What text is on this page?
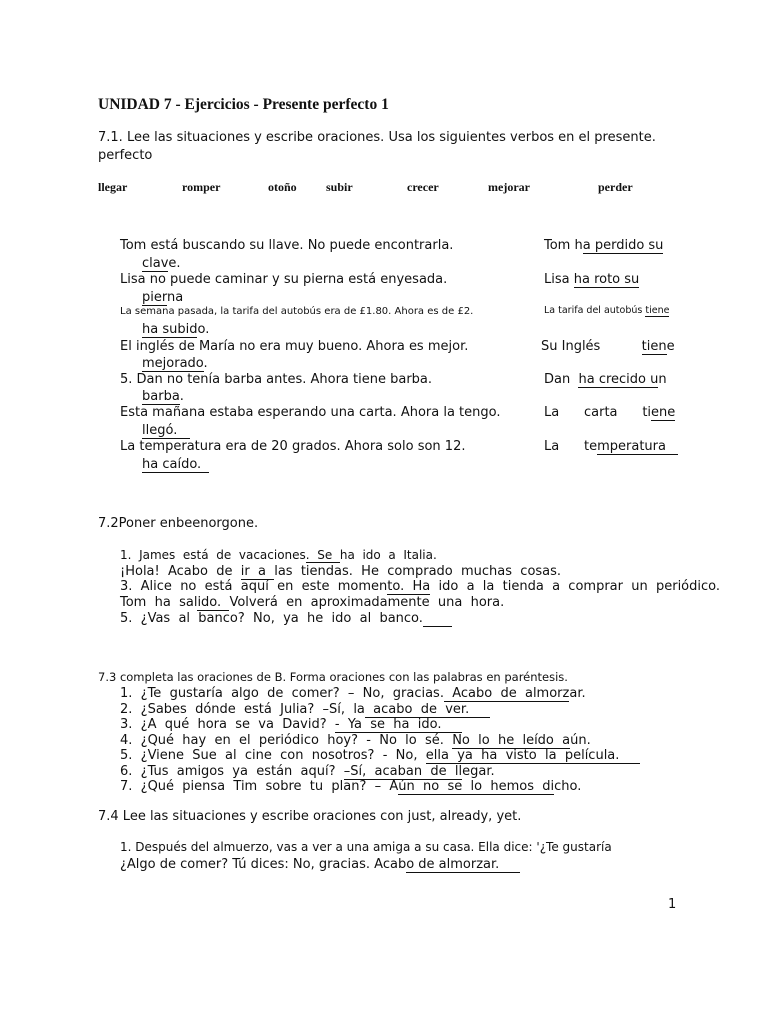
UNIDAD 7 - Ejercicios - Presente perfecto 1
7.1. Lee las situaciones y escribe oraciones. Usa los siguientes verbos en el presente.
perfecto
llegar	romper	otoño subir	crecer	mejorar	perder
Tom está buscando su llave. No puede encontrarla.	Tom ha perdido su
clave.
Lisa no puede caminar y su pierna está enyesada.	Lisa ha roto su
pierna
La semana pasada, la tarifa del autobús era de £1.80. Ahora es de £2.	La tarifa del autobús tiene
ha subido.
El inglés de María no era muy bueno. Ahora es mejor.	Su Inglés          tiene
mejorado.
5. Dan no tenía barba antes. Ahora tiene barba.	Dan  ha crecido un
barba.
Esta mañana estaba esperando una carta. Ahora la tengo.	La      carta      tiene
llegó.
La temperatura era de 20 grados. Ahora solo son 12.	La      temperatura
ha caído.
7.2Poner enbeenorgone.
1.  James  está  de  vacaciones.  Se  ha  ido  a  Italia.
¡Hola!  Acabo  de  ir  a  las  tiendas.  He  comprado  muchas  cosas.
3.  Alice  no  está  aquí  en  este  momento.  Ha  ido  a  la  tienda  a  comprar  un  periódico.
Tom  ha  salido.  Volverá  en  aproximadamente  una  hora.
5.  ¿Vas  al  banco?  No,  ya  he  ido  al  banco.
7.3 completa las oraciones de B. Forma oraciones con las palabras en paréntesis.
1.  ¿Te  gustaría  algo  de  comer?  –  No,  gracias.  Acabo  de  almorzar.
2.  ¿Sabes  dónde  está  Julia?  –Sí,  la  acabo  de  ver.
3.  ¿A  qué  hora  se  va  David?  -  Ya  se  ha  ido.
4.  ¿Qué  hay  en  el  periódico  hoy?  -  No  lo  sé.  No  lo  he  leído  aún.
5.  ¿Viene  Sue  al  cine  con  nosotros?  -  No,  ella  ya  ha  visto  la  película.
6.  ¿Tus  amigos  ya  están  aquí?  –Sí,  acaban  de  llegar.
7.  ¿Qué  piensa  Tim  sobre  tu  plan?  –  Aún  no  se  lo  hemos  dicho.
7.4 Lee las situaciones y escribe oraciones con just, already, yet.
1. Después del almuerzo, vas a ver a una amiga a su casa. Ella dice: '¿Te gustaría
¿Algo de comer? Tú dices: No, gracias. Acabo de almorzar.
1
